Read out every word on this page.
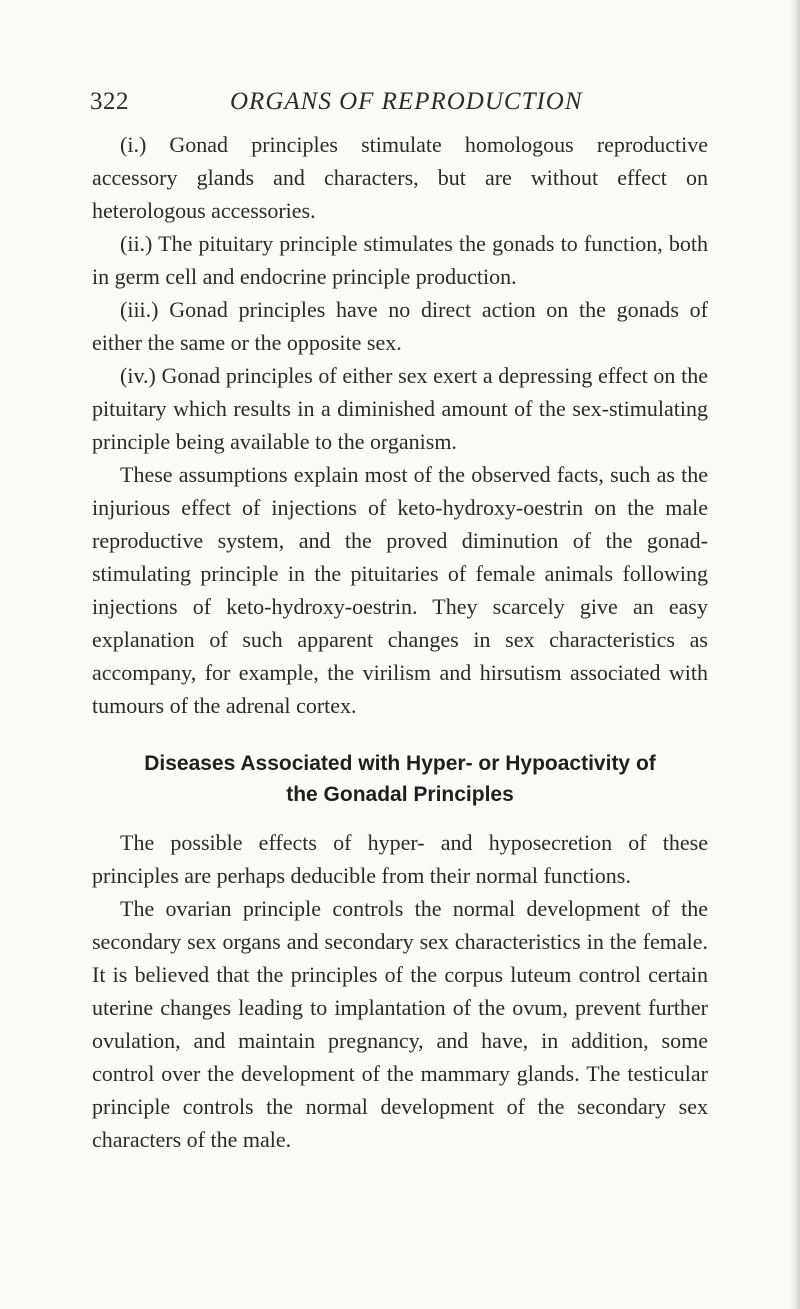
322	ORGANS OF REPRODUCTION

(i.) Gonad principles stimulate homologous reproductive accessory glands and characters, but are without effect on heterologous accessories.

(ii.) The pituitary principle stimulates the gonads to function, both in germ cell and endocrine principle production.

(iii.) Gonad principles have no direct action on the gonads of either the same or the opposite sex.

(iv.) Gonad principles of either sex exert a depressing effect on the pituitary which results in a diminished amount of the sex-stimulating principle being available to the organism.

These assumptions explain most of the observed facts, such as the injurious effect of injections of keto-hydroxy-oestrin on the male reproductive system, and the proved diminution of the gonad-stimulating principle in the pituitaries of female animals following injections of keto-hydroxy-oestrin. They scarcely give an easy explanation of such apparent changes in sex characteristics as accompany, for example, the virilism and hirsutism associated with tumours of the adrenal cortex.

Diseases Associated with Hyper- or Hypoactivity of
the Gonadal Principles

The possible effects of hyper- and hyposecretion of these principles are perhaps deducible from their normal functions.

The ovarian principle controls the normal development of the secondary sex organs and secondary sex characteristics in the female. It is believed that the principles of the corpus luteum control certain uterine changes leading to implantation of the ovum, prevent further ovulation, and maintain pregnancy, and have, in addition, some control over the development of the mammary glands. The testicular principle controls the normal development of the secondary sex characters of the male.
